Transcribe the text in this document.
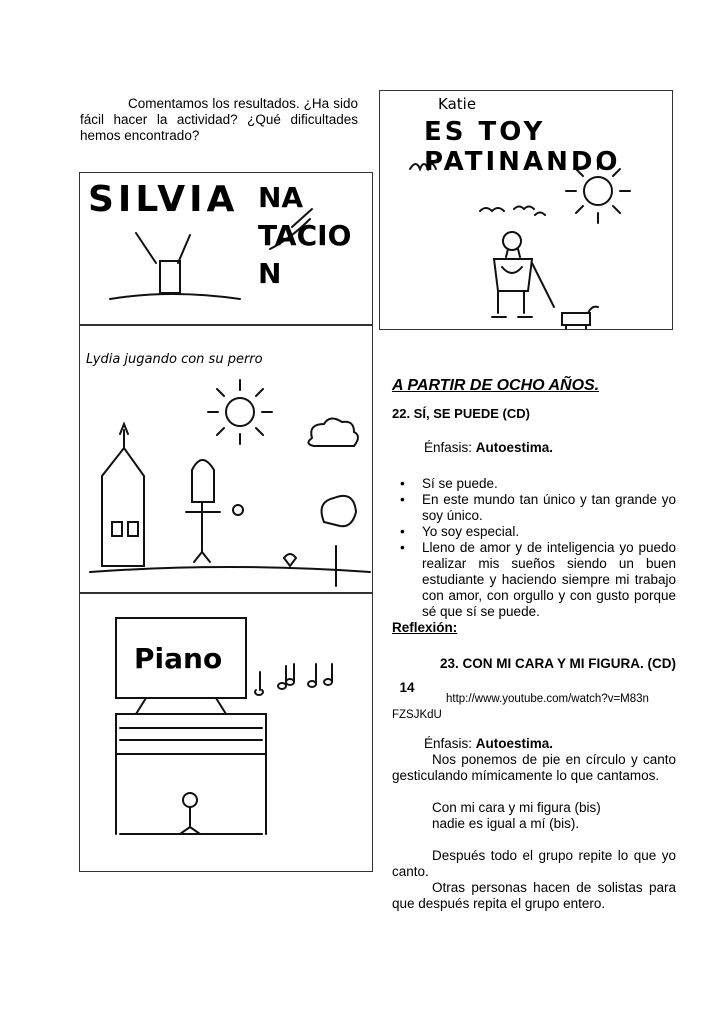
Comentamos los resultados. ¿Ha sido fácil hacer la actividad? ¿Qué dificultades hemos encontrado?
Katie
ES TOY PATINANDO
SILVIA NA TACIO N
Lydia jugando con su perro
Piano
A PARTIR DE OCHO AÑOS.
22. SÍ, SE PUEDE (CD)
Énfasis: Autoestima.
• Sí se puede.
• En este mundo tan único y tan grande yo soy único.
• Yo soy especial.
• Lleno de amor y de inteligencia yo puedo realizar mis sueños siendo un buen estudiante y haciendo siempre mi trabajo con amor, con orgullo y con gusto porque sé que sí se puede.
Reflexión:
14
23. CON MI CARA Y MI FIGURA. (CD)
http://www.youtube.com/watch?v=M83n
FZSJKdU
Énfasis: Autoestima.
Nos ponemos de pie en círculo y canto gesticulando mímicamente lo que cantamos.
Con mi cara y mi figura (bis)
nadie es igual a mí (bis).
Después todo el grupo repite lo que yo canto.
Otras personas hacen de solistas para que después repita el grupo entero.
